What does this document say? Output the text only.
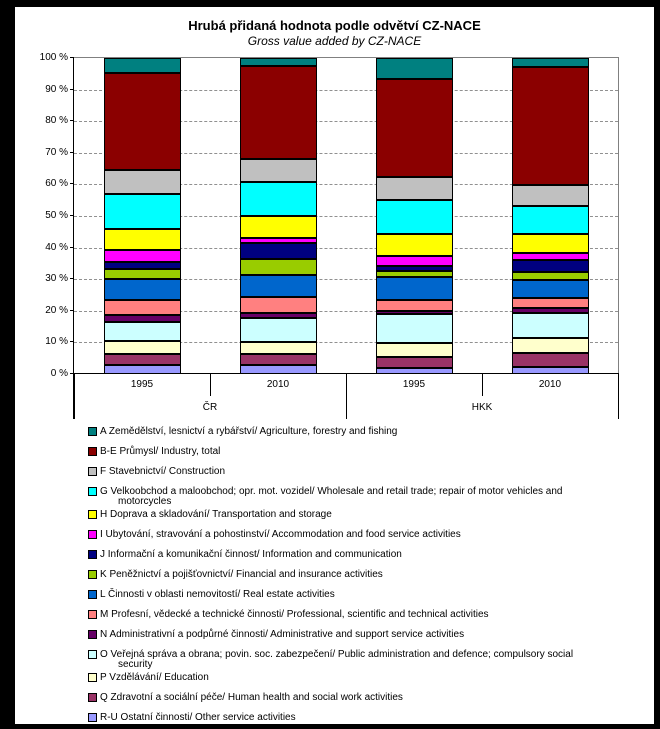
Hrubá přidaná hodnota podle odvětví CZ-NACE
Gross value added by CZ-NACE
0 %
10 %
20 %
30 %
40 %
50 %
60 %
70 %
80 %
90 %
100 %
1995	2010
ČR
1995	2010
HKK
A Zemědělství, lesnictví a rybářství/ Agriculture, forestry and fishing
B-E Průmysl/ Industry, total
F Stavebnictví/ Construction
G Velkoobchod a maloobchod; opr. mot. vozidel/ Wholesale and retail trade; repair of motor vehicles and motorcycles
H Doprava a skladování/ Transportation and storage
I Ubytování, stravování a pohostinství/ Accommodation and food service activities
J Informační a komunikační činnost/ Information and communication
K Peněžnictví a pojišťovnictví/ Financial and insurance activities
L Činnosti v oblasti nemovitostí/ Real estate activities
M Profesní, vědecké a technické činnosti/ Professional, scientific and technical activities
N Administrativní a podpůrné činnosti/ Administrative and support service activities
O Veřejná správa a obrana; povin. soc. zabezpečení/ Public administration and defence; compulsory social security
P Vzdělávání/ Education
Q Zdravotní a sociální péče/ Human health and social work activities
R-U Ostatní činnosti/ Other service activities
